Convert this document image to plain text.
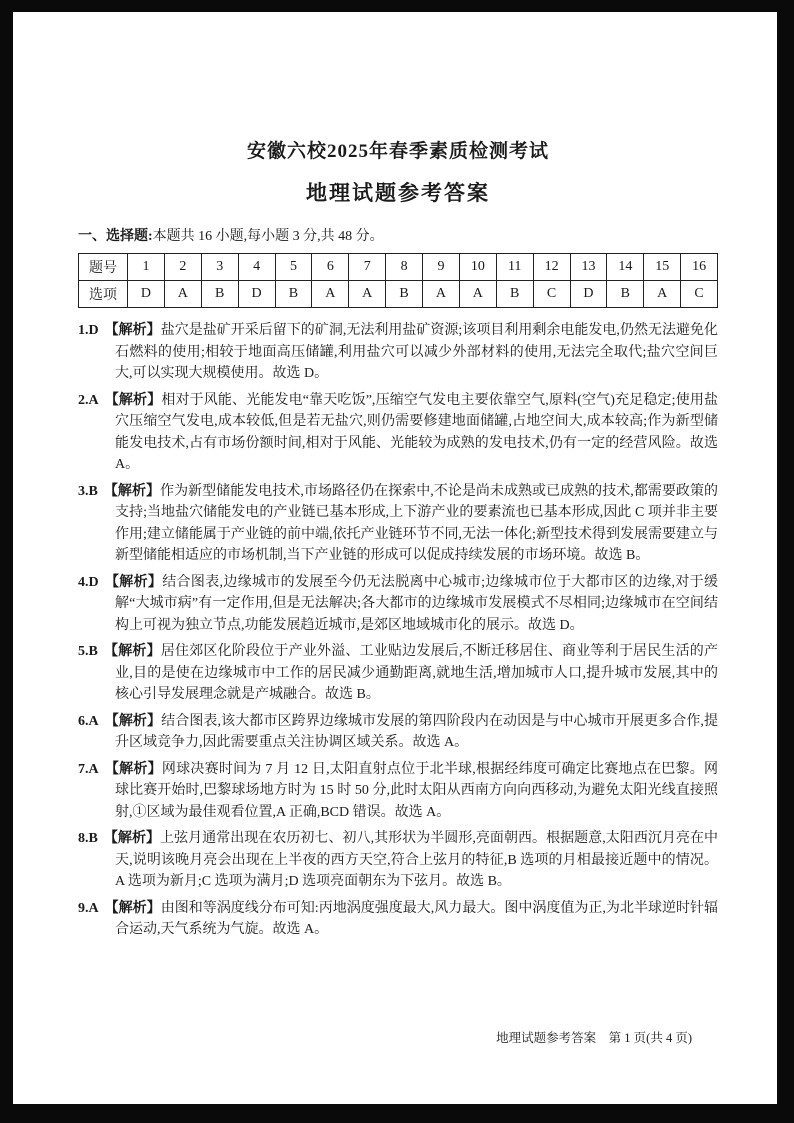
安徽六校2025年春季素质检测考试
地理试题参考答案

一、选择题:本题共 16 小题,每小题 3 分,共 48 分。

题号	1	2	3	4	5	6	7	8	9	10	11	12	13	14	15	16
选项	D	A	B	D	B	A	A	B	A	A	B	C	D	B	A	C

1.D 【解析】盐穴是盐矿开采后留下的矿洞,无法利用盐矿资源;该项目利用剩余电能发电,仍然无法避免化石燃料的使用;相较于地面高压储罐,利用盐穴可以减少外部材料的使用,无法完全取代;盐穴空间巨大,可以实现大规模使用。故选 D。

2.A 【解析】相对于风能、光能发电“靠天吃饭”,压缩空气发电主要依靠空气,原料(空气)充足稳定;使用盐穴压缩空气发电,成本较低,但是若无盐穴,则仍需要修建地面储罐,占地空间大,成本较高;作为新型储能发电技术,占有市场份额时间,相对于风能、光能较为成熟的发电技术,仍有一定的经营风险。故选 A。

3.B 【解析】作为新型储能发电技术,市场路径仍在探索中,不论是尚未成熟或已成熟的技术,都需要政策的支持;当地盐穴储能发电的产业链已基本形成,上下游产业的要素流也已基本形成,因此 C 项并非主要作用;建立储能属于产业链的前中端,依托产业链环节不同,无法一体化;新型技术得到发展需要建立与新型储能相适应的市场机制,当下产业链的形成可以促成持续发展的市场环境。故选 B。

4.D 【解析】结合图表,边缘城市的发展至今仍无法脱离中心城市;边缘城市位于大都市区的边缘,对于缓解“大城市病”有一定作用,但是无法解决;各大都市的边缘城市发展模式不尽相同;边缘城市在空间结构上可视为独立节点,功能发展趋近城市,是郊区地域城市化的展示。故选 D。

5.B 【解析】居住郊区化阶段位于产业外溢、工业贴边发展后,不断迁移居住、商业等利于居民生活的产业,目的是使在边缘城市中工作的居民减少通勤距离,就地生活,增加城市人口,提升城市发展,其中的核心引导发展理念就是产城融合。故选 B。

6.A 【解析】结合图表,该大都市区跨界边缘城市发展的第四阶段内在动因是与中心城市开展更多合作,提升区域竞争力,因此需要重点关注协调区域关系。故选 A。

7.A 【解析】网球决赛时间为 7 月 12 日,太阳直射点位于北半球,根据经纬度可确定比赛地点在巴黎。网球比赛开始时,巴黎球场地方时为 15 时 50 分,此时太阳从西南方向向西移动,为避免太阳光线直接照射,①区域为最佳观看位置,A 正确,BCD 错误。故选 A。

8.B 【解析】上弦月通常出现在农历初七、初八,其形状为半圆形,亮面朝西。根据题意,太阳西沉月亮在中天,说明该晚月亮会出现在上半夜的西方天空,符合上弦月的特征,B 选项的月相最接近题中的情况。A 选项为新月;C 选项为满月;D 选项亮面朝东为下弦月。故选 B。

9.A 【解析】由图和等涡度线分布可知:丙地涡度强度最大,风力最大。图中涡度值为正,为北半球逆时针辐合运动,天气系统为气旋。故选 A。

地理试题参考答案　第 1 页(共 4 页)
